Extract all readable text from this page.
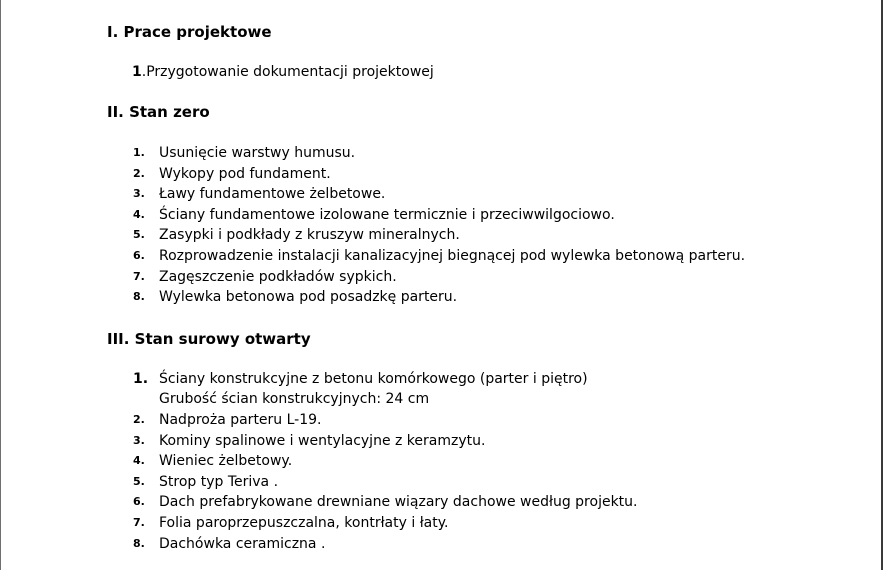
I. Prace projektowe
1.Przygotowanie dokumentacji projektowej
II. Stan zero
1. Usunięcie warstwy humusu.
2. Wykopy pod fundament.
3. Ławy fundamentowe żelbetowe.
4. Ściany fundamentowe izolowane termicznie i przeciwwilgociowo.
5. Zasypki i podkłady z kruszyw mineralnych.
6. Rozprowadzenie instalacji kanalizacyjnej biegnącej pod wylewka betonową parteru.
7. Zagęszczenie podkładów sypkich.
8. Wylewka betonowa pod posadzkę parteru.
III. Stan surowy otwarty
1. Ściany konstrukcyjne z betonu komórkowego (parter i piętro)
Grubość ścian konstrukcyjnych: 24 cm
2. Nadproża parteru L-19.
3. Kominy spalinowe i wentylacyjne z keramzytu.
4. Wieniec żelbetowy.
5. Strop typ Teriva .
6. Dach prefabrykowane drewniane wiązary dachowe według projektu.
7. Folia paroprzepuszczalna, kontrłaty i łaty.
8. Dachówka ceramiczna .
